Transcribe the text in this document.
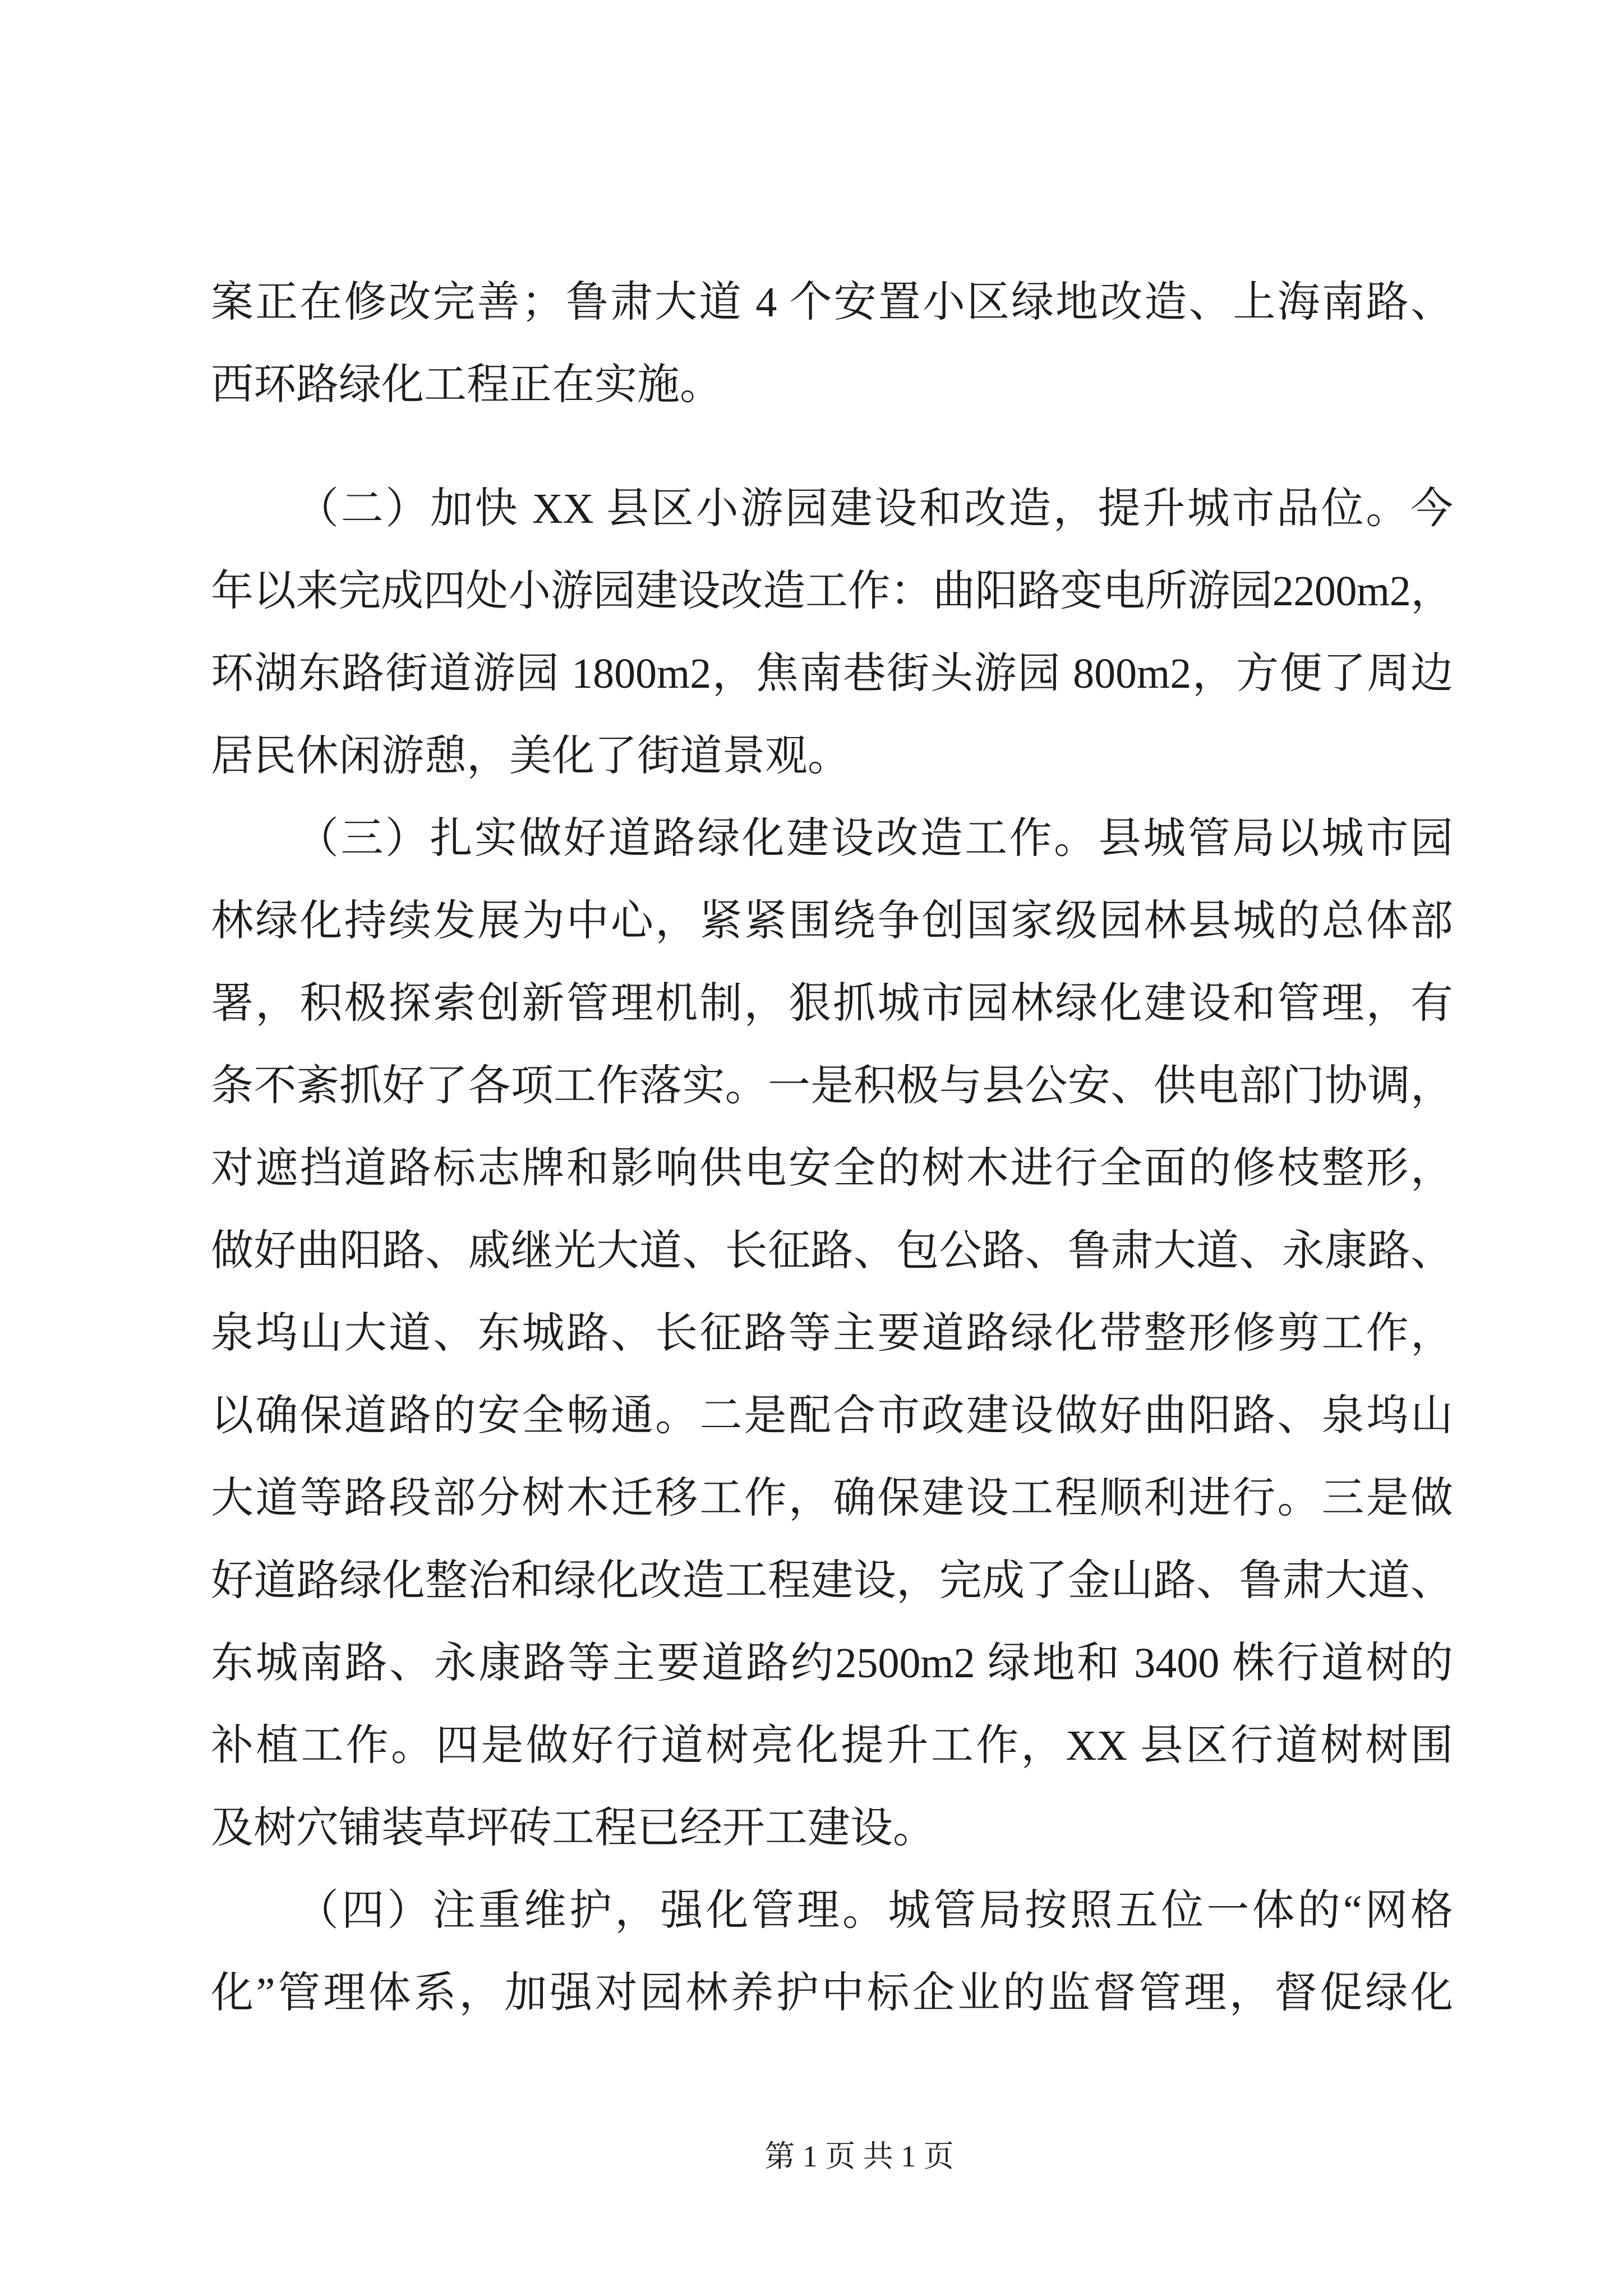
案正在修改完善；鲁肃大道 4 个安置小区绿地改造、上海南路、
西环路绿化工程正在实施。
（二）加快 XX 县区小游园建设和改造，提升城市品位。今
年以来完成四处小游园建设改造工作：曲阳路变电所游园2200m2，
环湖东路街道游园 1800m2，焦南巷街头游园 800m2，方便了周边
居民休闲游憩，美化了街道景观。
（三）扎实做好道路绿化建设改造工作。县城管局以城市园
林绿化持续发展为中心，紧紧围绕争创国家级园林县城的总体部
署，积极探索创新管理机制，狠抓城市园林绿化建设和管理，有
条不紊抓好了各项工作落实。一是积极与县公安、供电部门协调，
对遮挡道路标志牌和影响供电安全的树木进行全面的修枝整形，
做好曲阳路、戚继光大道、长征路、包公路、鲁肃大道、永康路、
泉坞山大道、东城路、长征路等主要道路绿化带整形修剪工作，
以确保道路的安全畅通。二是配合市政建设做好曲阳路、泉坞山
大道等路段部分树木迁移工作，确保建设工程顺利进行。三是做
好道路绿化整治和绿化改造工程建设，完成了金山路、鲁肃大道、
东城南路、永康路等主要道路约2500m2 绿地和 3400 株行道树的
补植工作。四是做好行道树亮化提升工作，XX 县区行道树树围
及树穴铺装草坪砖工程已经开工建设。
（四）注重维护，强化管理。城管局按照五位一体的“网格
化”管理体系，加强对园林养护中标企业的监督管理，督促绿化
第 1 页 共 1 页
